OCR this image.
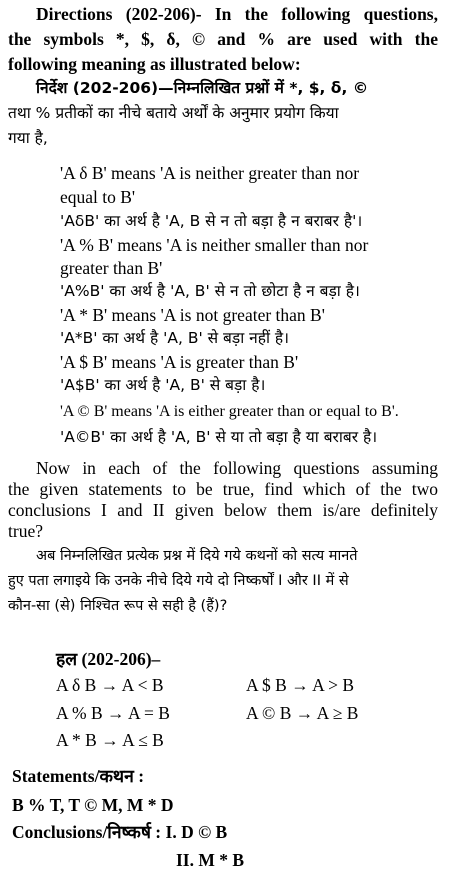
Directions (202-206)- In the following questions,
the symbols *, $, δ, © and % are used with the
following meaning as illustrated below:
निर्देश (202-206)—निम्नलिखित प्रश्नों में *, $, δ, ©
तथा % प्रतीकों का नीचे बताये अर्थों के अनुमार प्रयोग किया
गया है,
'A δ B' means 'A is neither greater than nor
equal to B'
'AδB' का अर्थ है 'A, B से न तो बड़ा है न बराबर है'।
'A % B' means 'A is neither smaller than nor
greater than B'
'A%B' का अर्थ है 'A, B' से न तो छोटा है न बड़ा है।
'A * B' means 'A is not greater than B'
'A*B' का अर्थ है 'A, B' से बड़ा नहीं है।
'A $ B' means 'A is greater than B'
'A$B' का अर्थ है 'A, B' से बड़ा है।
'A © B' means 'A is either greater than or equal to B'.
'A©B' का अर्थ है 'A, B' से या तो बड़ा है या बराबर है।
Now in each of the following questions assuming
the given statements to be true, find which of the two
conclusions I and II given below them is/are definitely
true?
अब निम्नलिखित प्रत्येक प्रश्न में दिये गये कथनों को सत्य मानते
हुए पता लगाइये कि उनके नीचे दिये गये दो निष्कर्षों I और II में से
कौन-सा (से) निश्चित रूप से सही है (हैं)?
हल (202-206)–
A δ B → A < B
A % B → A = B
A * B → A ≤ B
A $ B → A > B
A © B → A ≥ B
Statements/कथन :
B % T, T © M, M * D
Conclusions/निष्कर्ष : I. D © B
II. M * B
